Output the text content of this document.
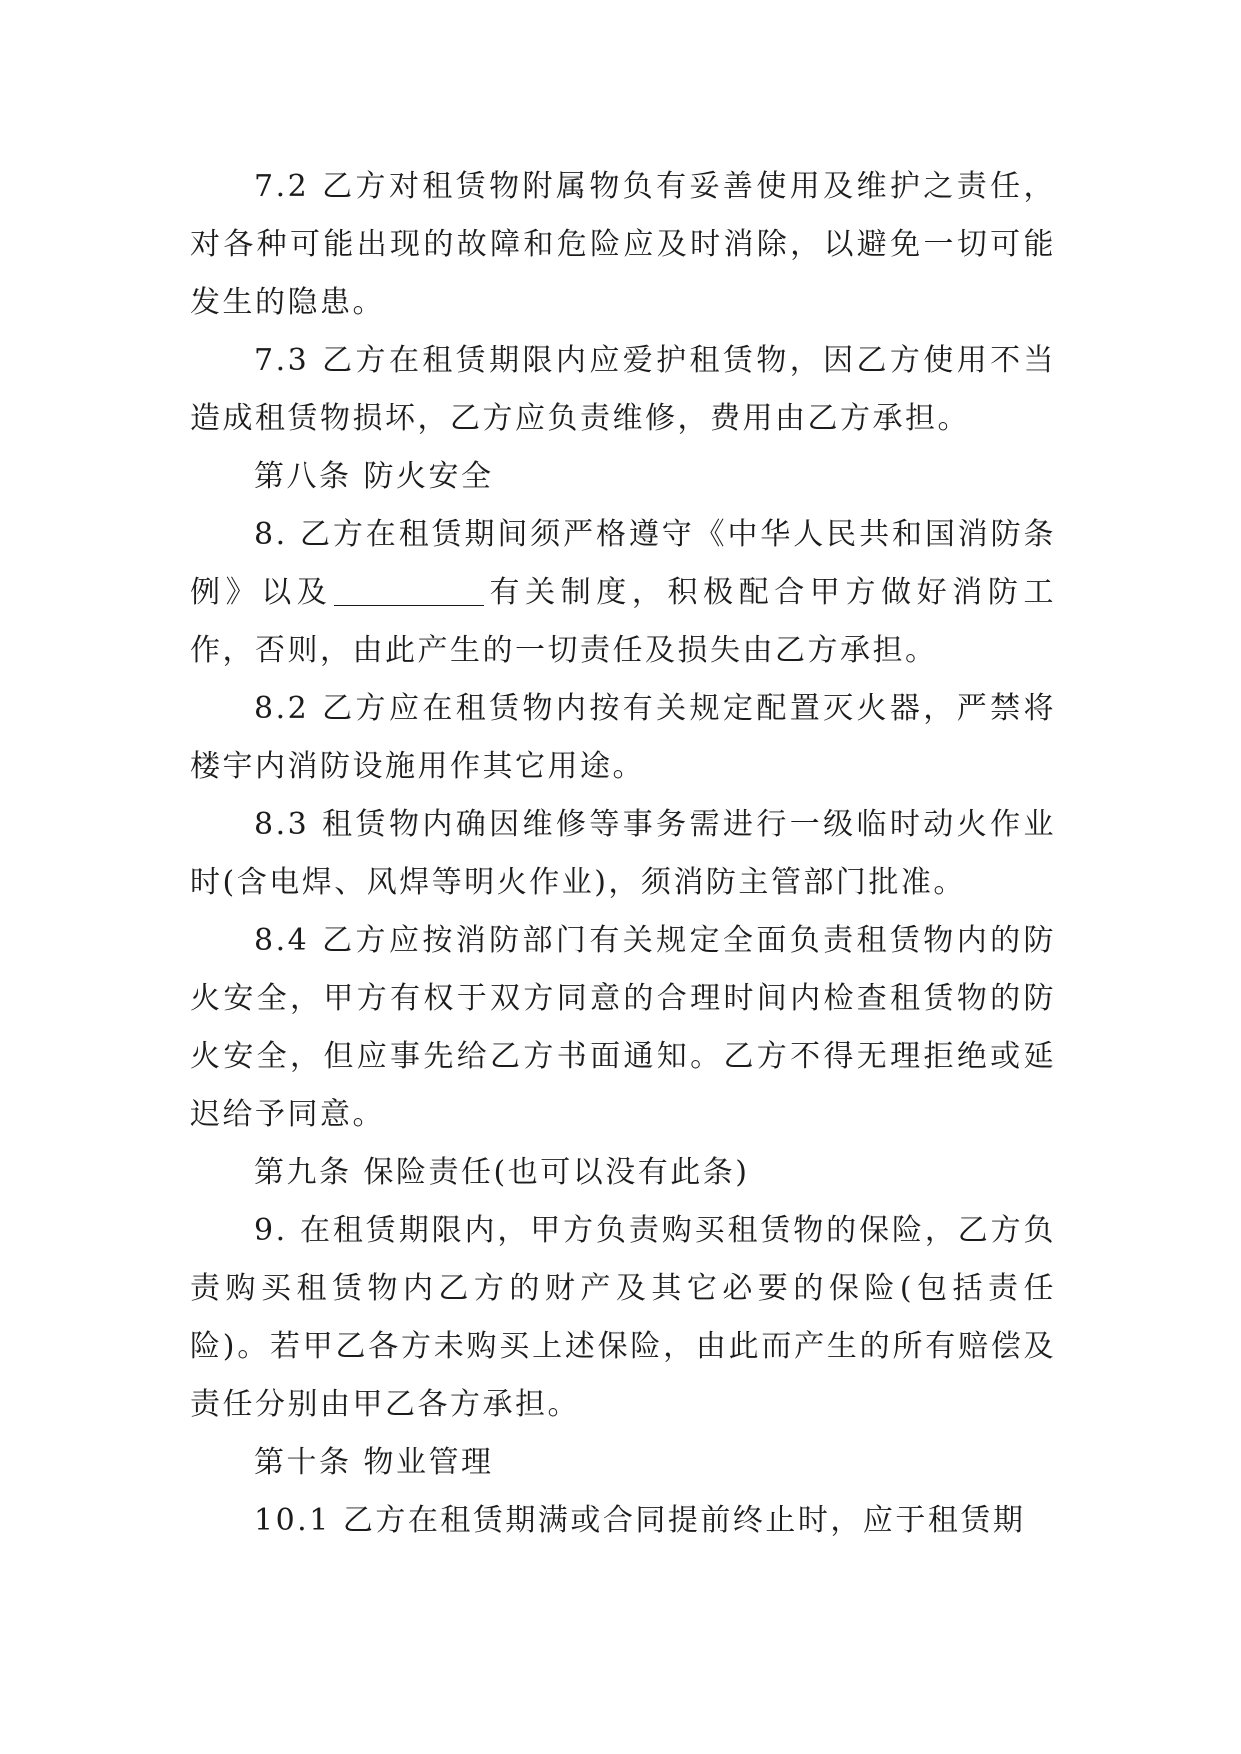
7.2 乙方对租赁物附属物负有妥善使用及维护之责任，对各种可能出现的故障和危险应及时消除，以避免一切可能发生的隐患。

7.3 乙方在租赁期限内应爱护租赁物，因乙方使用不当造成租赁物损坏，乙方应负责维修，费用由乙方承担。

第八条 防火安全

8. 乙方在租赁期间须严格遵守《中华人民共和国消防条例》以及	有关制度，积极配合甲方做好消防工作，否则，由此产生的一切责任及损失由乙方承担。

8.2 乙方应在租赁物内按有关规定配置灭火器，严禁将楼宇内消防设施用作其它用途。

8.3 租赁物内确因维修等事务需进行一级临时动火作业时(含电焊、风焊等明火作业)，须消防主管部门批准。

8.4 乙方应按消防部门有关规定全面负责租赁物内的防火安全，甲方有权于双方同意的合理时间内检查租赁物的防火安全，但应事先给乙方书面通知。乙方不得无理拒绝或延迟给予同意。

第九条 保险责任(也可以没有此条)

9. 在租赁期限内，甲方负责购买租赁物的保险，乙方负责购买租赁物内乙方的财产及其它必要的保险(包括责任险)。若甲乙各方未购买上述保险，由此而产生的所有赔偿及责任分别由甲乙各方承担。

第十条 物业管理

10.1 乙方在租赁期满或合同提前终止时，应于租赁期
